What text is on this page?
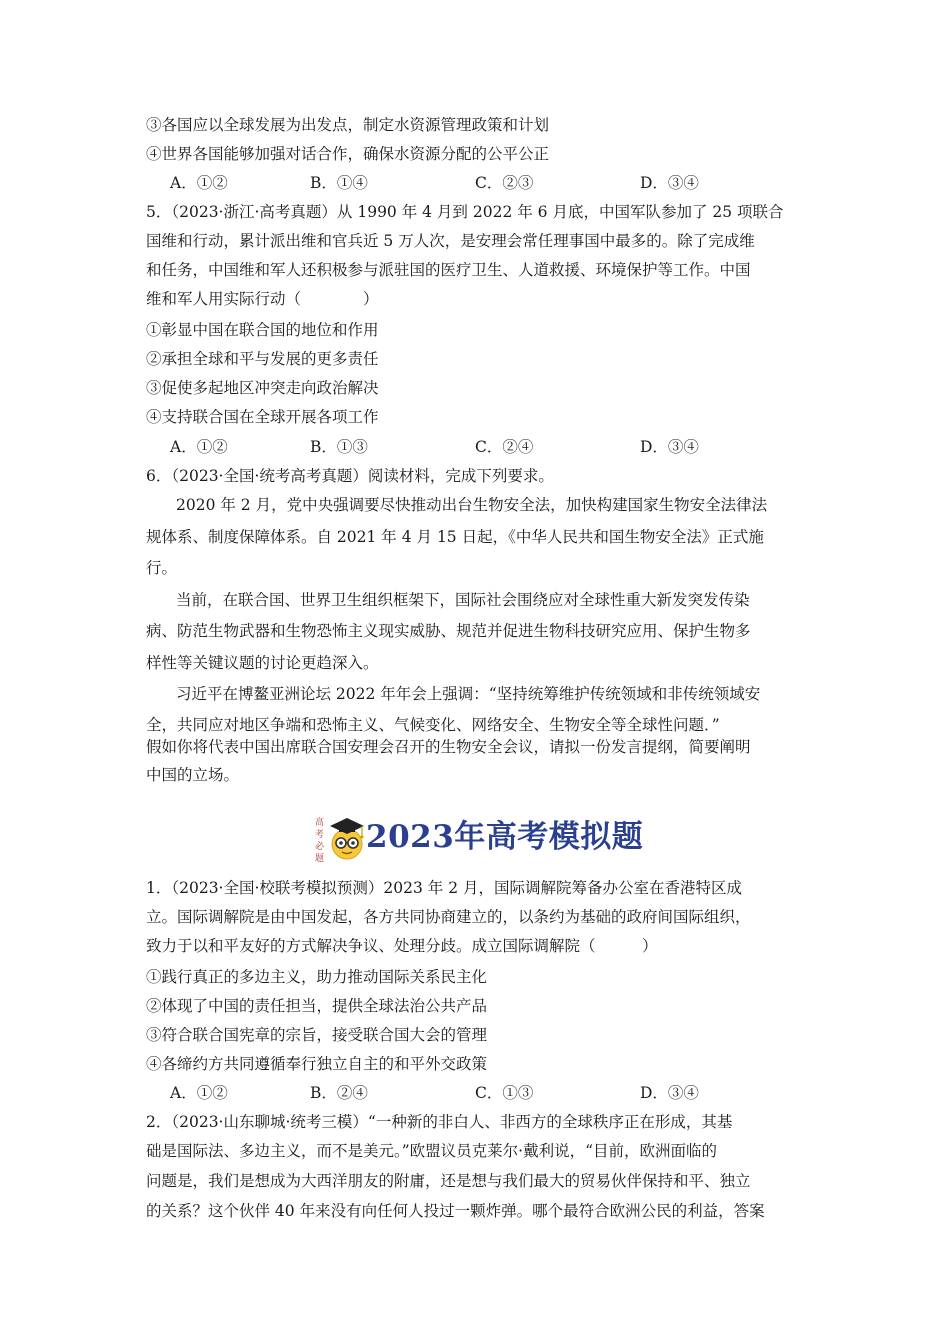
③各国应以全球发展为出发点，制定水资源管理政策和计划
④世界各国能够加强对话合作，确保水资源分配的公平公正
A．①②	B．①④	C．②③	D．③④
5．（2023·浙江·高考真题）从 1990 年 4 月到 2022 年 6 月底，中国军队参加了 25 项联合
国维和行动，累计派出维和官兵近 5 万人次，是安理会常任理事国中最多的。除了完成维
和任务，中国维和军人还积极参与派驻国的医疗卫生、人道救援、环境保护等工作。中国
维和军人用实际行动（　　　　）
①彰显中国在联合国的地位和作用
②承担全球和平与发展的更多责任
③促使多起地区冲突走向政治解决
④支持联合国在全球开展各项工作
A．①②	B．①③	C．②④	D．③④
6．（2023·全国·统考高考真题）阅读材料，完成下列要求。
2020 年 2 月，党中央强调要尽快推动出台生物安全法，加快构建国家生物安全法律法
规体系、制度保障体系。自 2021 年 4 月 15 日起，《中华人民共和国生物安全法》正式施
行。
当前，在联合国、世界卫生组织框架下，国际社会围绕应对全球性重大新发突发传染
病、防范生物武器和生物恐怖主义现实威胁、规范并促进生物科技研究应用、保护生物多
样性等关键议题的讨论更趋深入。
习近平在博鳌亚洲论坛 2022 年年会上强调：“坚持统筹维护传统领域和非传统领域安
全，共同应对地区争端和恐怖主义、气候变化、网络安全、生物安全等全球性问题．”
假如你将代表中国出席联合国安理会召开的生物安全会议，请拟一份发言提纲，简要阐明
中国的立场。
高
考
必
题
2023年高考模拟题
1．（2023·全国·校联考模拟预测）2023 年 2 月，国际调解院筹备办公室在香港特区成
立。国际调解院是由中国发起，各方共同协商建立的，以条约为基础的政府间国际组织，
致力于以和平友好的方式解决争议、处理分歧。成立国际调解院（　　　）
①践行真正的多边主义，助力推动国际关系民主化
②体现了中国的责任担当，提供全球法治公共产品
③符合联合国宪章的宗旨，接受联合国大会的管理
④各缔约方共同遵循奉行独立自主的和平外交政策
A．①②	B．②④	C．①③	D．③④
2．（2023·山东聊城·统考三模）“一种新的非白人、非西方的全球秩序正在形成，其基
础是国际法、多边主义，而不是美元。”欧盟议员克莱尔·戴利说，“目前，欧洲面临的
问题是，我们是想成为大西洋朋友的附庸，还是想与我们最大的贸易伙伴保持和平、独立
的关系？这个伙伴 40 年来没有向任何人投过一颗炸弹。哪个最符合欧洲公民的利益，答案
